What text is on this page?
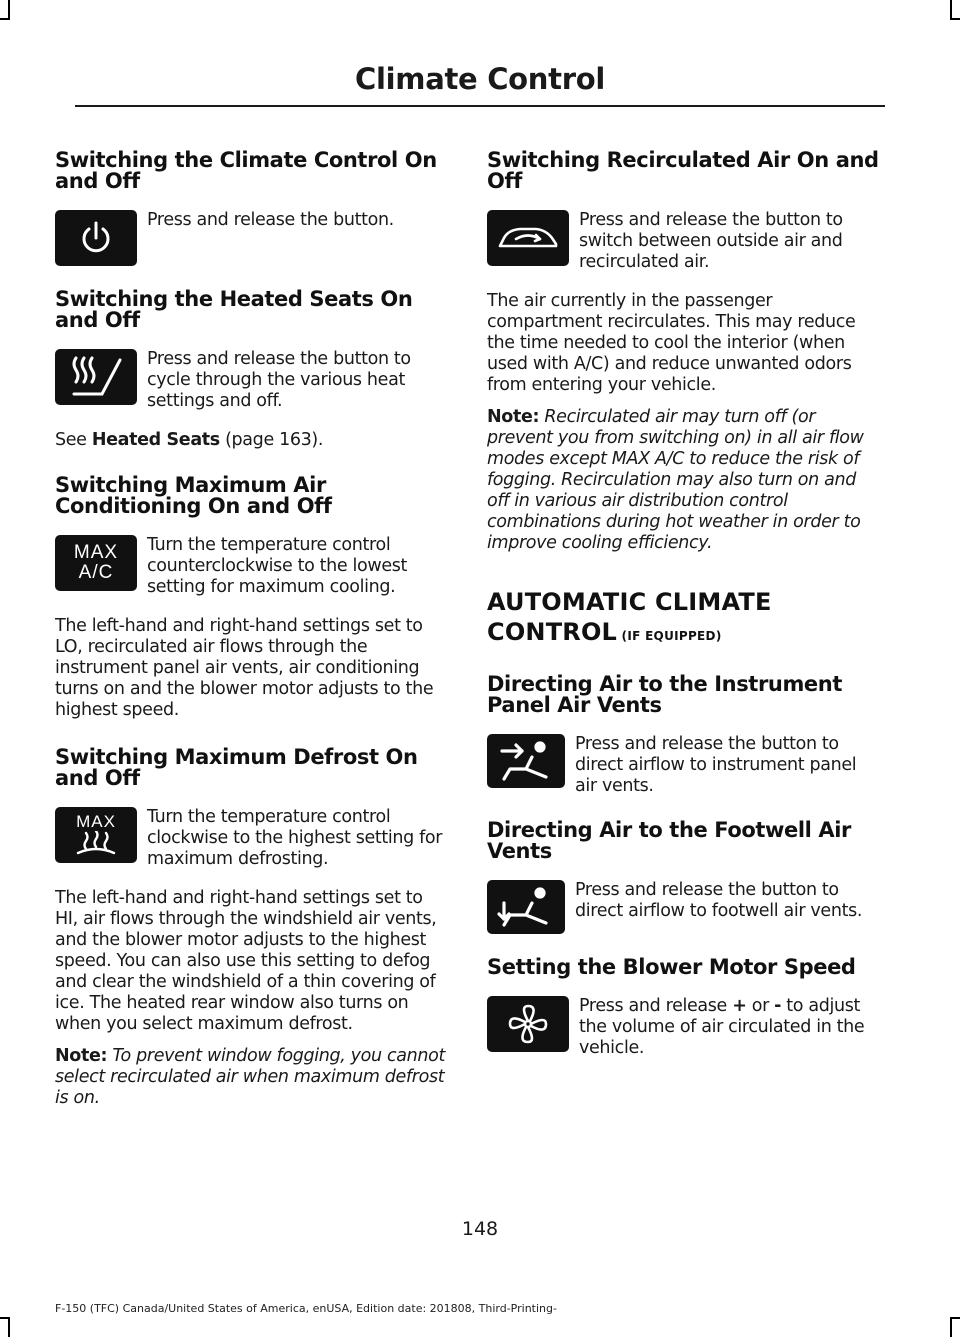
Climate Control
Switching the Climate Control On and Off

Press and release the button.

Switching the Heated Seats On and Off

Press and release the button to cycle through the various heat settings and off.

See Heated Seats (page 163).

Switching Maximum Air Conditioning On and Off
MAX
A/C

Turn the temperature control counterclockwise to the lowest setting for maximum cooling.

The left-hand and right-hand settings set to LO, recirculated air flows through the instrument panel air vents, air conditioning turns on and the blower motor adjusts to the highest speed.

Switching Maximum Defrost On and Off
MAX Turn the temperature control clockwise to the highest setting for maximum defrosting.

The left-hand and right-hand settings set to HI, air flows through the windshield air vents, and the blower motor adjusts to the highest speed. You can also use this setting to defog and clear the windshield of a thin covering of ice. The heated rear window also turns on when you select maximum defrost.

Note: To prevent window fogging, you cannot select recirculated air when maximum defrost is on.

Switching Recirculated Air On and Off

Press and release the button to switch between outside air and recirculated air.

The air currently in the passenger compartment recirculates. This may reduce the time needed to cool the interior (when used with A/C) and reduce unwanted odors from entering your vehicle.

Note: Recirculated air may turn off (or prevent you from switching on) in all air flow modes except MAX A/C to reduce the risk of fogging. Recirculation may also turn on and off in various air distribution control combinations during hot weather in order to improve cooling efficiency.

AUTOMATIC CLIMATE CONTROL (IF EQUIPPED)
Directing Air to the Instrument Panel Air Vents

Press and release the button to direct airflow to instrument panel air vents.

Directing Air to the Footwell Air Vents

Press and release the button to direct airflow to footwell air vents.

Setting the Blower Motor Speed

Press and release + or - to adjust the volume of air circulated in the vehicle.

148
F-150 (TFC) Canada/United States of America, enUSA, Edition date: 201808, Third-Printing-
